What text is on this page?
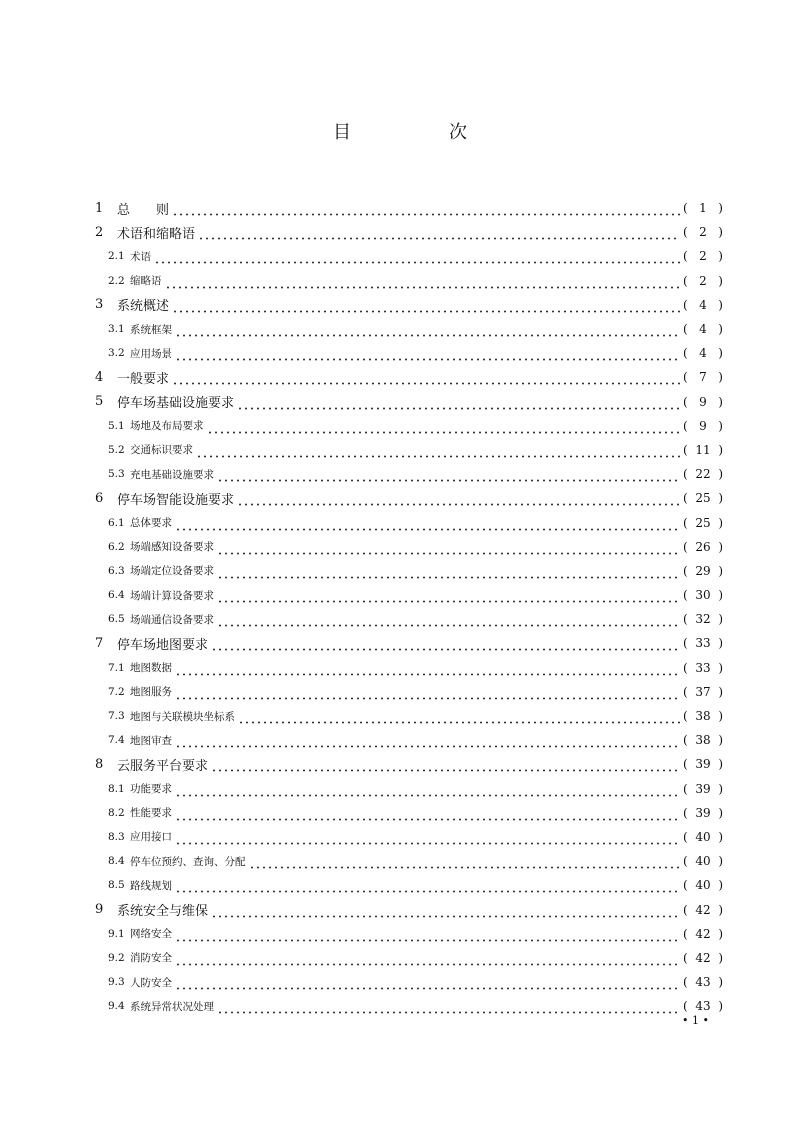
目　次
1	总　　则	( 1 )
2	术语和缩略语	( 2 )
2.1 术语	( 2 )
2.2 缩略语	( 2 )
3	系统概述	( 4 )
3.1 系统框架	( 4 )
3.2 应用场景	( 4 )
4	一般要求	( 7 )
5	停车场基础设施要求	( 9 )
5.1 场地及布局要求	( 9 )
5.2 交通标识要求	( 11 )
5.3 充电基础设施要求	( 22 )
6	停车场智能设施要求	( 25 )
6.1 总体要求	( 25 )
6.2 场端感知设备要求	( 26 )
6.3 场端定位设备要求	( 29 )
6.4 场端计算设备要求	( 30 )
6.5 场端通信设备要求	( 32 )
7	停车场地图要求	( 33 )
7.1 地图数据	( 33 )
7.2 地图服务	( 37 )
7.3 地图与关联模块坐标系	( 38 )
7.4 地图审查	( 38 )
8	云服务平台要求	( 39 )
8.1 功能要求	( 39 )
8.2 性能要求	( 39 )
8.3 应用接口	( 40 )
8.4 停车位预约、查询、分配	( 40 )
8.5 路线规划	( 40 )
9	系统安全与维保	( 42 )
9.1 网络安全	( 42 )
9.2 消防安全	( 42 )
9.3 人防安全	( 43 )
9.4 系统异常状况处理	( 43 )
• 1 •
